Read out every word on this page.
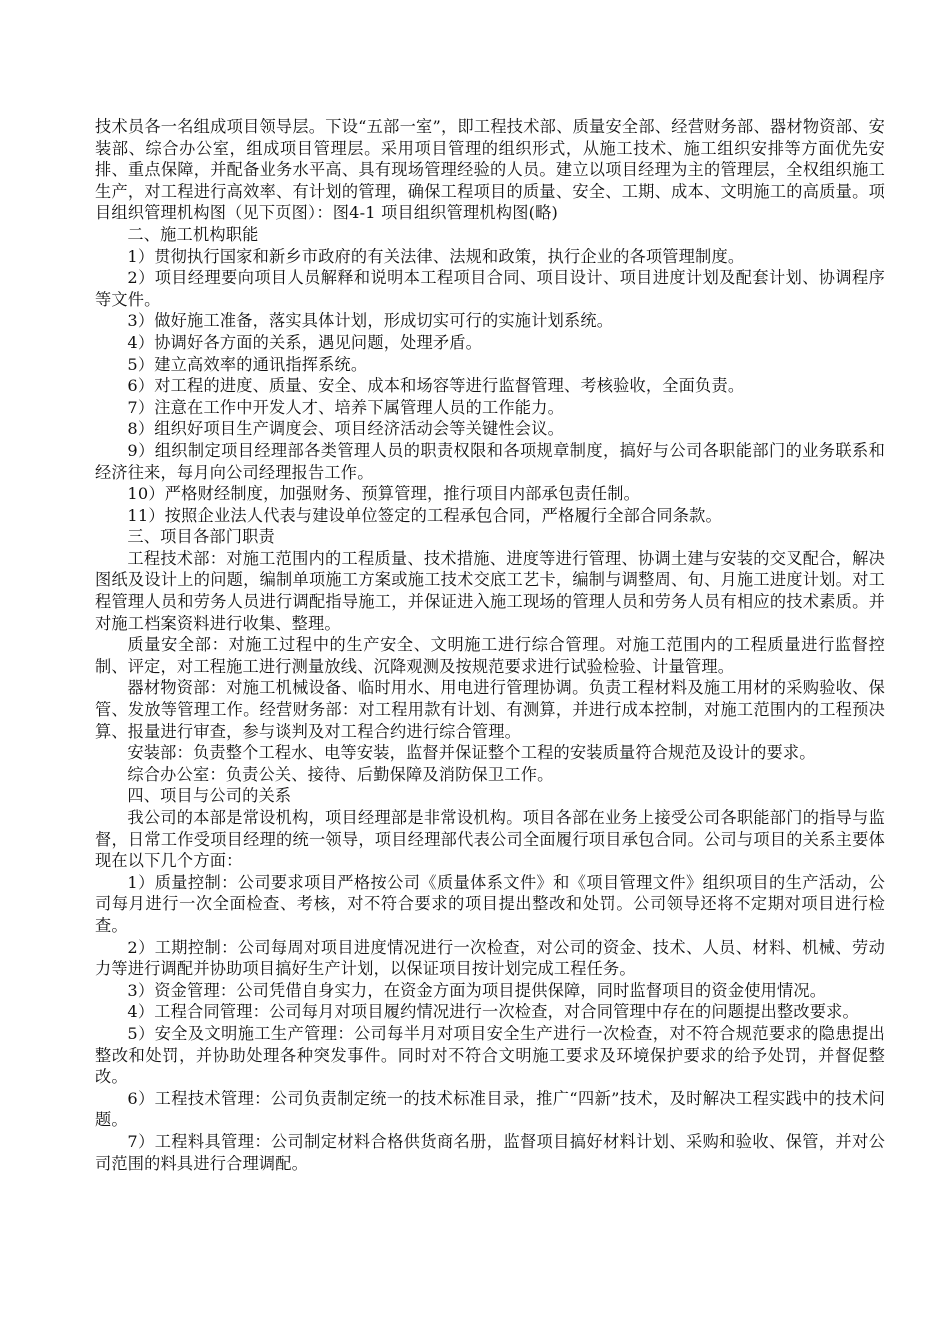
技术员各一名组成项目领导层。下设“五部一室”，即工程技术部、质量安全部、经营财务部、器材物资部、安装部、综合办公室，组成项目管理层。采用项目管理的组织形式，从施工技术、施工组织安排等方面优先安排、重点保障，并配备业务水平高、具有现场管理经验的人员。建立以项目经理为主的管理层，全权组织施工生产，对工程进行高效率、有计划的管理，确保工程项目的质量、安全、工期、成本、文明施工的高质量。项目组织管理机构图（见下页图）：图4-1 项目组织管理机构图(略)

二、施工机构职能

1）贯彻执行国家和新乡市政府的有关法律、法规和政策，执行企业的各项管理制度。

2）项目经理要向项目人员解释和说明本工程项目合同、项目设计、项目进度计划及配套计划、协调程序等文件。

3）做好施工准备，落实具体计划，形成切实可行的实施计划系统。

4）协调好各方面的关系，遇见问题，处理矛盾。

5）建立高效率的通讯指挥系统。

6）对工程的进度、质量、安全、成本和场容等进行监督管理、考核验收，全面负责。

7）注意在工作中开发人才、培养下属管理人员的工作能力。

8）组织好项目生产调度会、项目经济活动会等关键性会议。

9）组织制定项目经理部各类管理人员的职责权限和各项规章制度，搞好与公司各职能部门的业务联系和经济往来，每月向公司经理报告工作。

10）严格财经制度，加强财务、预算管理，推行项目内部承包责任制。

11）按照企业法人代表与建设单位签定的工程承包合同，严格履行全部合同条款。

三、项目各部门职责

工程技术部：对施工范围内的工程质量、技术措施、进度等进行管理、协调土建与安装的交叉配合，解决图纸及设计上的问题，编制单项施工方案或施工技术交底工艺卡，编制与调整周、旬、月施工进度计划。对工程管理人员和劳务人员进行调配指导施工，并保证进入施工现场的管理人员和劳务人员有相应的技术素质。并对施工档案资料进行收集、整理。

质量安全部：对施工过程中的生产安全、文明施工进行综合管理。对施工范围内的工程质量进行监督控制、评定，对工程施工进行测量放线、沉降观测及按规范要求进行试验检验、计量管理。

器材物资部：对施工机械设备、临时用水、用电进行管理协调。负责工程材料及施工用材的采购验收、保管、发放等管理工作。经营财务部：对工程用款有计划、有测算，并进行成本控制，对施工范围内的工程预决算、报量进行审查，参与谈判及对工程合约进行综合管理。

安装部：负责整个工程水、电等安装，监督并保证整个工程的安装质量符合规范及设计的要求。

综合办公室：负责公关、接待、后勤保障及消防保卫工作。

四、项目与公司的关系

我公司的本部是常设机构，项目经理部是非常设机构。项目各部在业务上接受公司各职能部门的指导与监督，日常工作受项目经理的统一领导，项目经理部代表公司全面履行项目承包合同。公司与项目的关系主要体现在以下几个方面：

1）质量控制：公司要求项目严格按公司《质量体系文件》和《项目管理文件》组织项目的生产活动，公司每月进行一次全面检查、考核，对不符合要求的项目提出整改和处罚。公司领导还将不定期对项目进行检查。

2）工期控制：公司每周对项目进度情况进行一次检查，对公司的资金、技术、人员、材料、机械、劳动力等进行调配并协助项目搞好生产计划，以保证项目按计划完成工程任务。

3）资金管理：公司凭借自身实力，在资金方面为项目提供保障，同时监督项目的资金使用情况。

4）工程合同管理：公司每月对项目履约情况进行一次检查，对合同管理中存在的问题提出整改要求。

5）安全及文明施工生产管理：公司每半月对项目安全生产进行一次检查，对不符合规范要求的隐患提出整改和处罚，并协助处理各种突发事件。同时对不符合文明施工要求及环境保护要求的给予处罚，并督促整改。

6）工程技术管理：公司负责制定统一的技术标准目录，推广“四新”技术，及时解决工程实践中的技术问题。

7）工程料具管理：公司制定材料合格供货商名册，监督项目搞好材料计划、采购和验收、保管，并对公司范围的料具进行合理调配。
